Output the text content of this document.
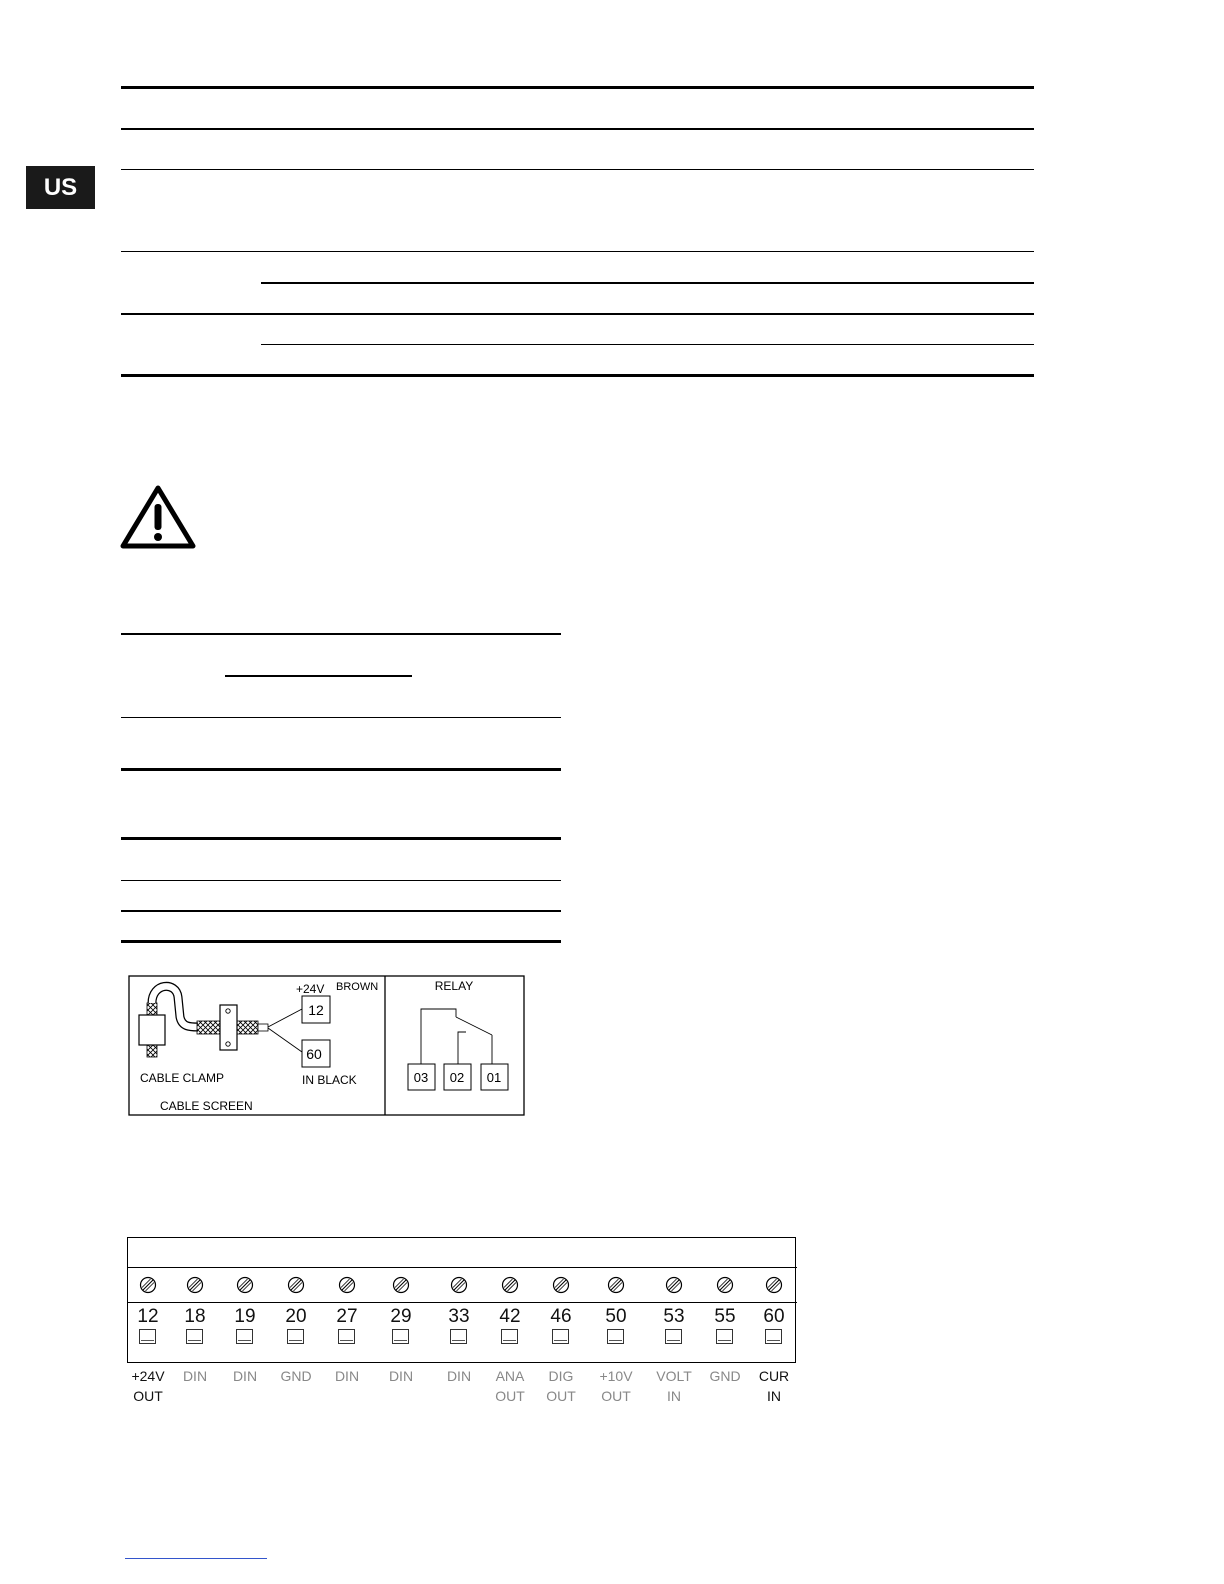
US
12
60
+24V BROWN
IN BLACK
CABLE CLAMP
CABLE SCREEN
RELAY
03 02 01
12
+24V
OUT
18
DIN
19
DIN
20
GND
27
DIN
29
DIN
33
DIN
42
ANA
OUT
46
DIG
OUT
50
+10V
OUT
53
VOLT
IN
55
GND
60
CUR
IN
